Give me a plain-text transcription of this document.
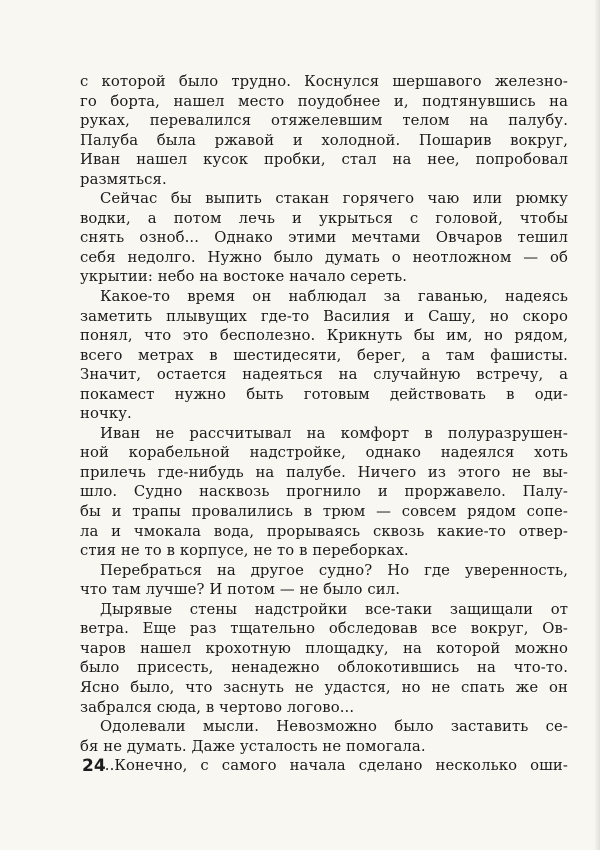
с которой было трудно. Коснулся шершавого железно-
го борта, нашел место поудобнее и, подтянувшись на
руках, перевалился отяжелевшим телом на палубу.
Палуба была ржавой и холодной. Пошарив вокруг,
Иван нашел кусок пробки, стал на нее, попробовал
размяться.
Сейчас бы выпить стакан горячего чаю или рюмку
водки, а потом лечь и укрыться с головой, чтобы
снять озноб... Однако этими мечтами Овчаров тешил
себя недолго. Нужно было думать о неотложном — об
укрытии: небо на востоке начало сереть.
Какое-то время он наблюдал за гаванью, надеясь
заметить плывущих где-то Василия и Сашу, но скоро
понял, что это бесполезно. Крикнуть бы им, но рядом,
всего метрах в шестидесяти, берег, а там фашисты.
Значит, остается надеяться на случайную встречу, а
покамест нужно быть готовым действовать в оди-
ночку.
Иван не рассчитывал на комфорт в полуразрушен-
ной корабельной надстройке, однако надеялся хоть
прилечь где-нибудь на палубе. Ничего из этого не вы-
шло. Судно насквозь прогнило и проржавело. Палу-
бы и трапы провалились в трюм — совсем рядом сопе-
ла и чмокала вода, прорываясь сквозь какие-то отвер-
стия не то в корпусе, не то в переборках.
Перебраться на другое судно? Но где уверенность,
что там лучше? И потом — не было сил.
Дырявые стены надстройки все-таки защищали от
ветра. Еще раз тщательно обследовав все вокруг, Ов-
чаров нашел крохотную площадку, на которой можно
было присесть, ненадежно облокотившись на что-то.
Ясно было, что заснуть не удастся, но не спать же он
забрался сюда, в чертово логово...
Одолевали мысли. Невозможно было заставить се-
бя не думать. Даже усталость не помогала.
...Конечно, с самого начала сделано несколько оши-
24
